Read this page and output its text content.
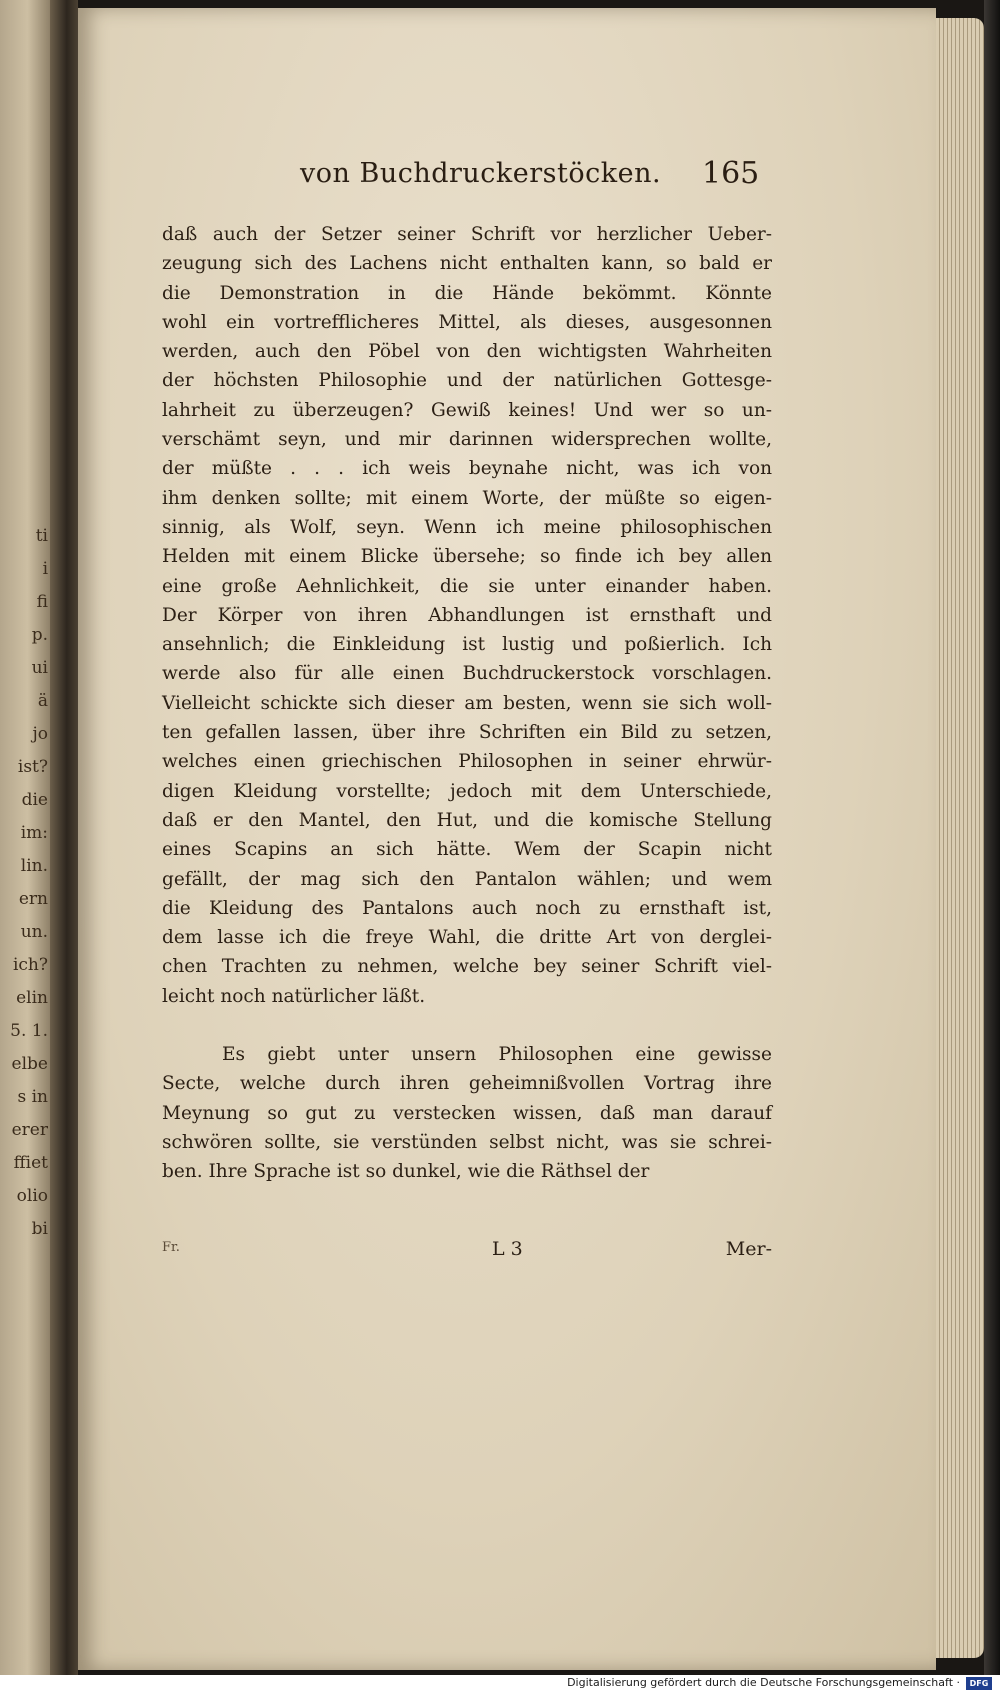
ti
i
fi
p.
ui
ä
jo
ist?
die
im:
lin.
ern
un.
ich?
elin
5. 1.
elbe
s in
erer
ffiet
olio
bi
von Buchdruckerstöcken.	165
daß auch der Setzer seiner Schrift vor herzlicher Ueber-
zeugung sich des Lachens nicht enthalten kann, so bald er
die Demonstration in die Hände bekömmt. Könnte
wohl ein vortrefflicheres Mittel, als dieses, ausgesonnen
werden, auch den Pöbel von den wichtigsten Wahrheiten
der höchsten Philosophie und der natürlichen Gottesge-
lahrheit zu überzeugen? Gewiß keines! Und wer so un-
verschämt seyn, und mir darinnen widersprechen wollte,
der müßte . . . ich weis beynahe nicht, was ich von
ihm denken sollte; mit einem Worte, der müßte so eigen-
sinnig, als Wolf, seyn. Wenn ich meine philosophischen
Helden mit einem Blicke übersehe; so finde ich bey allen
eine große Aehnlichkeit, die sie unter einander haben.
Der Körper von ihren Abhandlungen ist ernsthaft und
ansehnlich; die Einkleidung ist lustig und poßierlich. Ich
werde also für alle einen Buchdruckerstock vorschlagen.
Vielleicht schickte sich dieser am besten, wenn sie sich woll-
ten gefallen lassen, über ihre Schriften ein Bild zu setzen,
welches einen griechischen Philosophen in seiner ehrwür-
digen Kleidung vorstellte; jedoch mit dem Unterschiede,
daß er den Mantel, den Hut, und die komische Stellung
eines Scapins an sich hätte. Wem der Scapin nicht
gefällt, der mag sich den Pantalon wählen; und wem
die Kleidung des Pantalons auch noch zu ernsthaft ist,
dem lasse ich die freye Wahl, die dritte Art von derglei-
chen Trachten zu nehmen, welche bey seiner Schrift viel-
leicht noch natürlicher läßt.
Es giebt unter unsern Philosophen eine gewisse
Secte, welche durch ihren geheimnißvollen Vortrag ihre
Meynung so gut zu verstecken wissen, daß man darauf
schwören sollte, sie verstünden selbst nicht, was sie schrei-
ben. Ihre Sprache ist so dunkel, wie die Räthsel der
Fr.	L 3	Mer-
Digitalisierung gefördert durch die Deutsche Forschungsgemeinschaft ·	DFG
